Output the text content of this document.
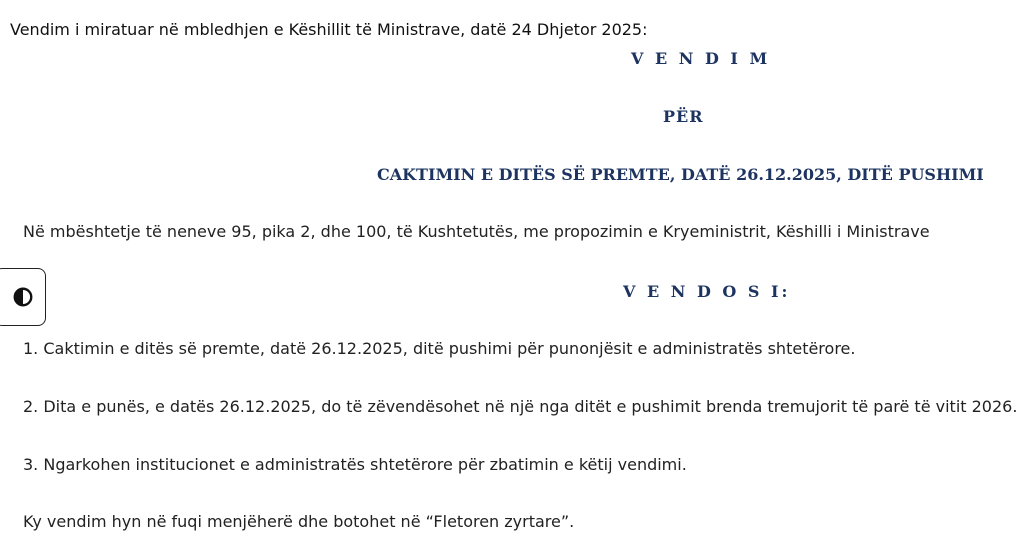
Vendim i miratuar në mbledhjen e Këshillit të Ministrave, datë 24 Dhjetor 2025:
V E N D I M
PËR
CAKTIMIN E DITËS SË PREMTE, DATË 26.12.2025, DITË PUSHIMI
Në mbështetje të neneve 95, pika 2, dhe 100, të Kushtetutës, me propozimin e Kryeministrit, Këshilli i Ministrave
V E N D O S I:
1. Caktimin e ditës së premte, datë 26.12.2025, ditë pushimi për punonjësit e administratës shtetërore.
2. Dita e punës, e datës 26.12.2025, do të zëvendësohet në një nga ditët e pushimit brenda tremujorit të parë të vitit 2026.
3. Ngarkohen institucionet e administratës shtetërore për zbatimin e këtij vendimi.
Ky vendim hyn në fuqi menjëherë dhe botohet në “Fletoren zyrtare”.
